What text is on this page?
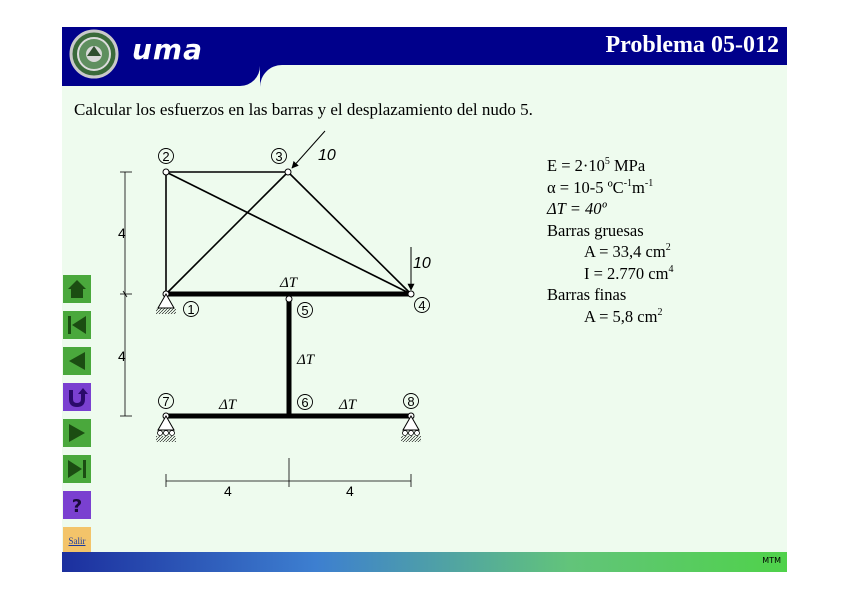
uma	Problema 05-012
Calcular los esfuerzos en las barras y el desplazamiento del nudo 5.
10
10
2	3
1	5	4
7	6	8
ΔT
ΔT
ΔT	ΔT
4
4
4	4
$E = 2\cdot 10^5$ MPa
α = 10-5 $ºC^{-1}m^{-1}$
ΔT = 40º
Barras gruesas
A = 33,4 $cm^2$
I = 2.770 $cm^4$
Barras finas
A = 5,8 $cm^2$
?
Salir
MTM
